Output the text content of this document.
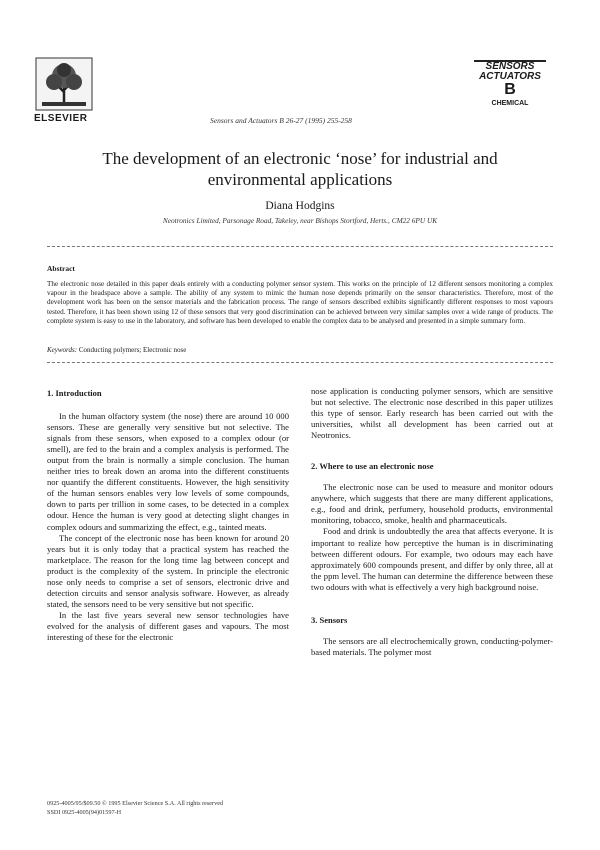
ELSEVIER	Sensors and Actuators B 26-27 (1995) 255-258
SENSORS
ACTUATORS
B
CHEMICAL
The development of an electronic ‘nose’ for industrial and
environmental applications
Diana Hodgins
Neotronics Limited, Parsonage Road, Takeley, near Bishops Stortford, Herts., CM22 6PU UK
Abstract
The electronic nose detailed in this paper deals entirely with a conducting polymer sensor system. This works on the principle of 12 different sensors monitoring a complex vapour in the headspace above a sample. The ability of any system to mimic the human nose depends primarily on the sensor characteristics. Therefore, most of the development work has been on the sensor materials and the fabrication process. The range of sensors described exhibits significantly different responses to most vapours tested. Therefore, it has been shown using 12 of these sensors that very good discrimination can be achieved between very similar samples over a wide range of products. The complete system is easy to use in the laboratory, and software has been developed to enable the complex data to be analysed and presented in a simple summary form.
Keywords: Conducting polymers; Electronic nose
1. Introduction

In the human olfactory system (the nose) there are around 10 000 sensors. These are generally very sensitive but not selective. The signals from these sensors, when exposed to a complex odour (or smell), are fed to the brain and a complex analysis is performed. The output from the brain is normally a simple conclusion. The human neither tries to break down an aroma into the different constituents nor quantify the different constituents. However, the high sensitivity of the human sensors enables very low levels of some compounds, down to parts per trillion in some cases, to be detected in a complex odour. Hence the human is very good at detecting slight changes in complex odours and summarizing the effect, e.g., tainted meats.

The concept of the electronic nose has been known for around 20 years but it is only today that a practical system has reached the marketplace. The reason for the long time lag between concept and product is the complexity of the system. In principle the electronic nose only needs to comprise a set of sensors, electronic drive and detection circuits and sensor analysis software. However, as already stated, the sensors need to be very sensitive but not specific.

In the last five years several new sensor technologies have evolved for the analysis of different gases and vapours. The most interesting of these for the electronic

nose application is conducting polymer sensors, which are sensitive but not selective. The electronic nose described in this paper utilizes this type of sensor. Early research has been carried out with the universities, whilst all development has been carried out at Neotronics.

2. Where to use an electronic nose

The electronic nose can be used to measure and monitor odours anywhere, which suggests that there are many different applications, e.g., food and drink, perfumery, household products, environmental monitoring, tobacco, smoke, health and pharmaceuticals.

Food and drink is undoubtedly the area that affects everyone. It is important to realize how perceptive the human is in discriminating between different odours. For example, two odours may each have approximately 600 compounds present, and differ by only three, all at the ppm level. The human can determine the difference between these two odours with what is effectively a very high background noise.

3. Sensors

The sensors are all electrochemically grown, conducting-polymer-based materials. The polymer most

0925-4005/95/$09.50 © 1995 Elsevier Science S.A. All rights reserved
SSDI 0925-4005(94)01597-H
